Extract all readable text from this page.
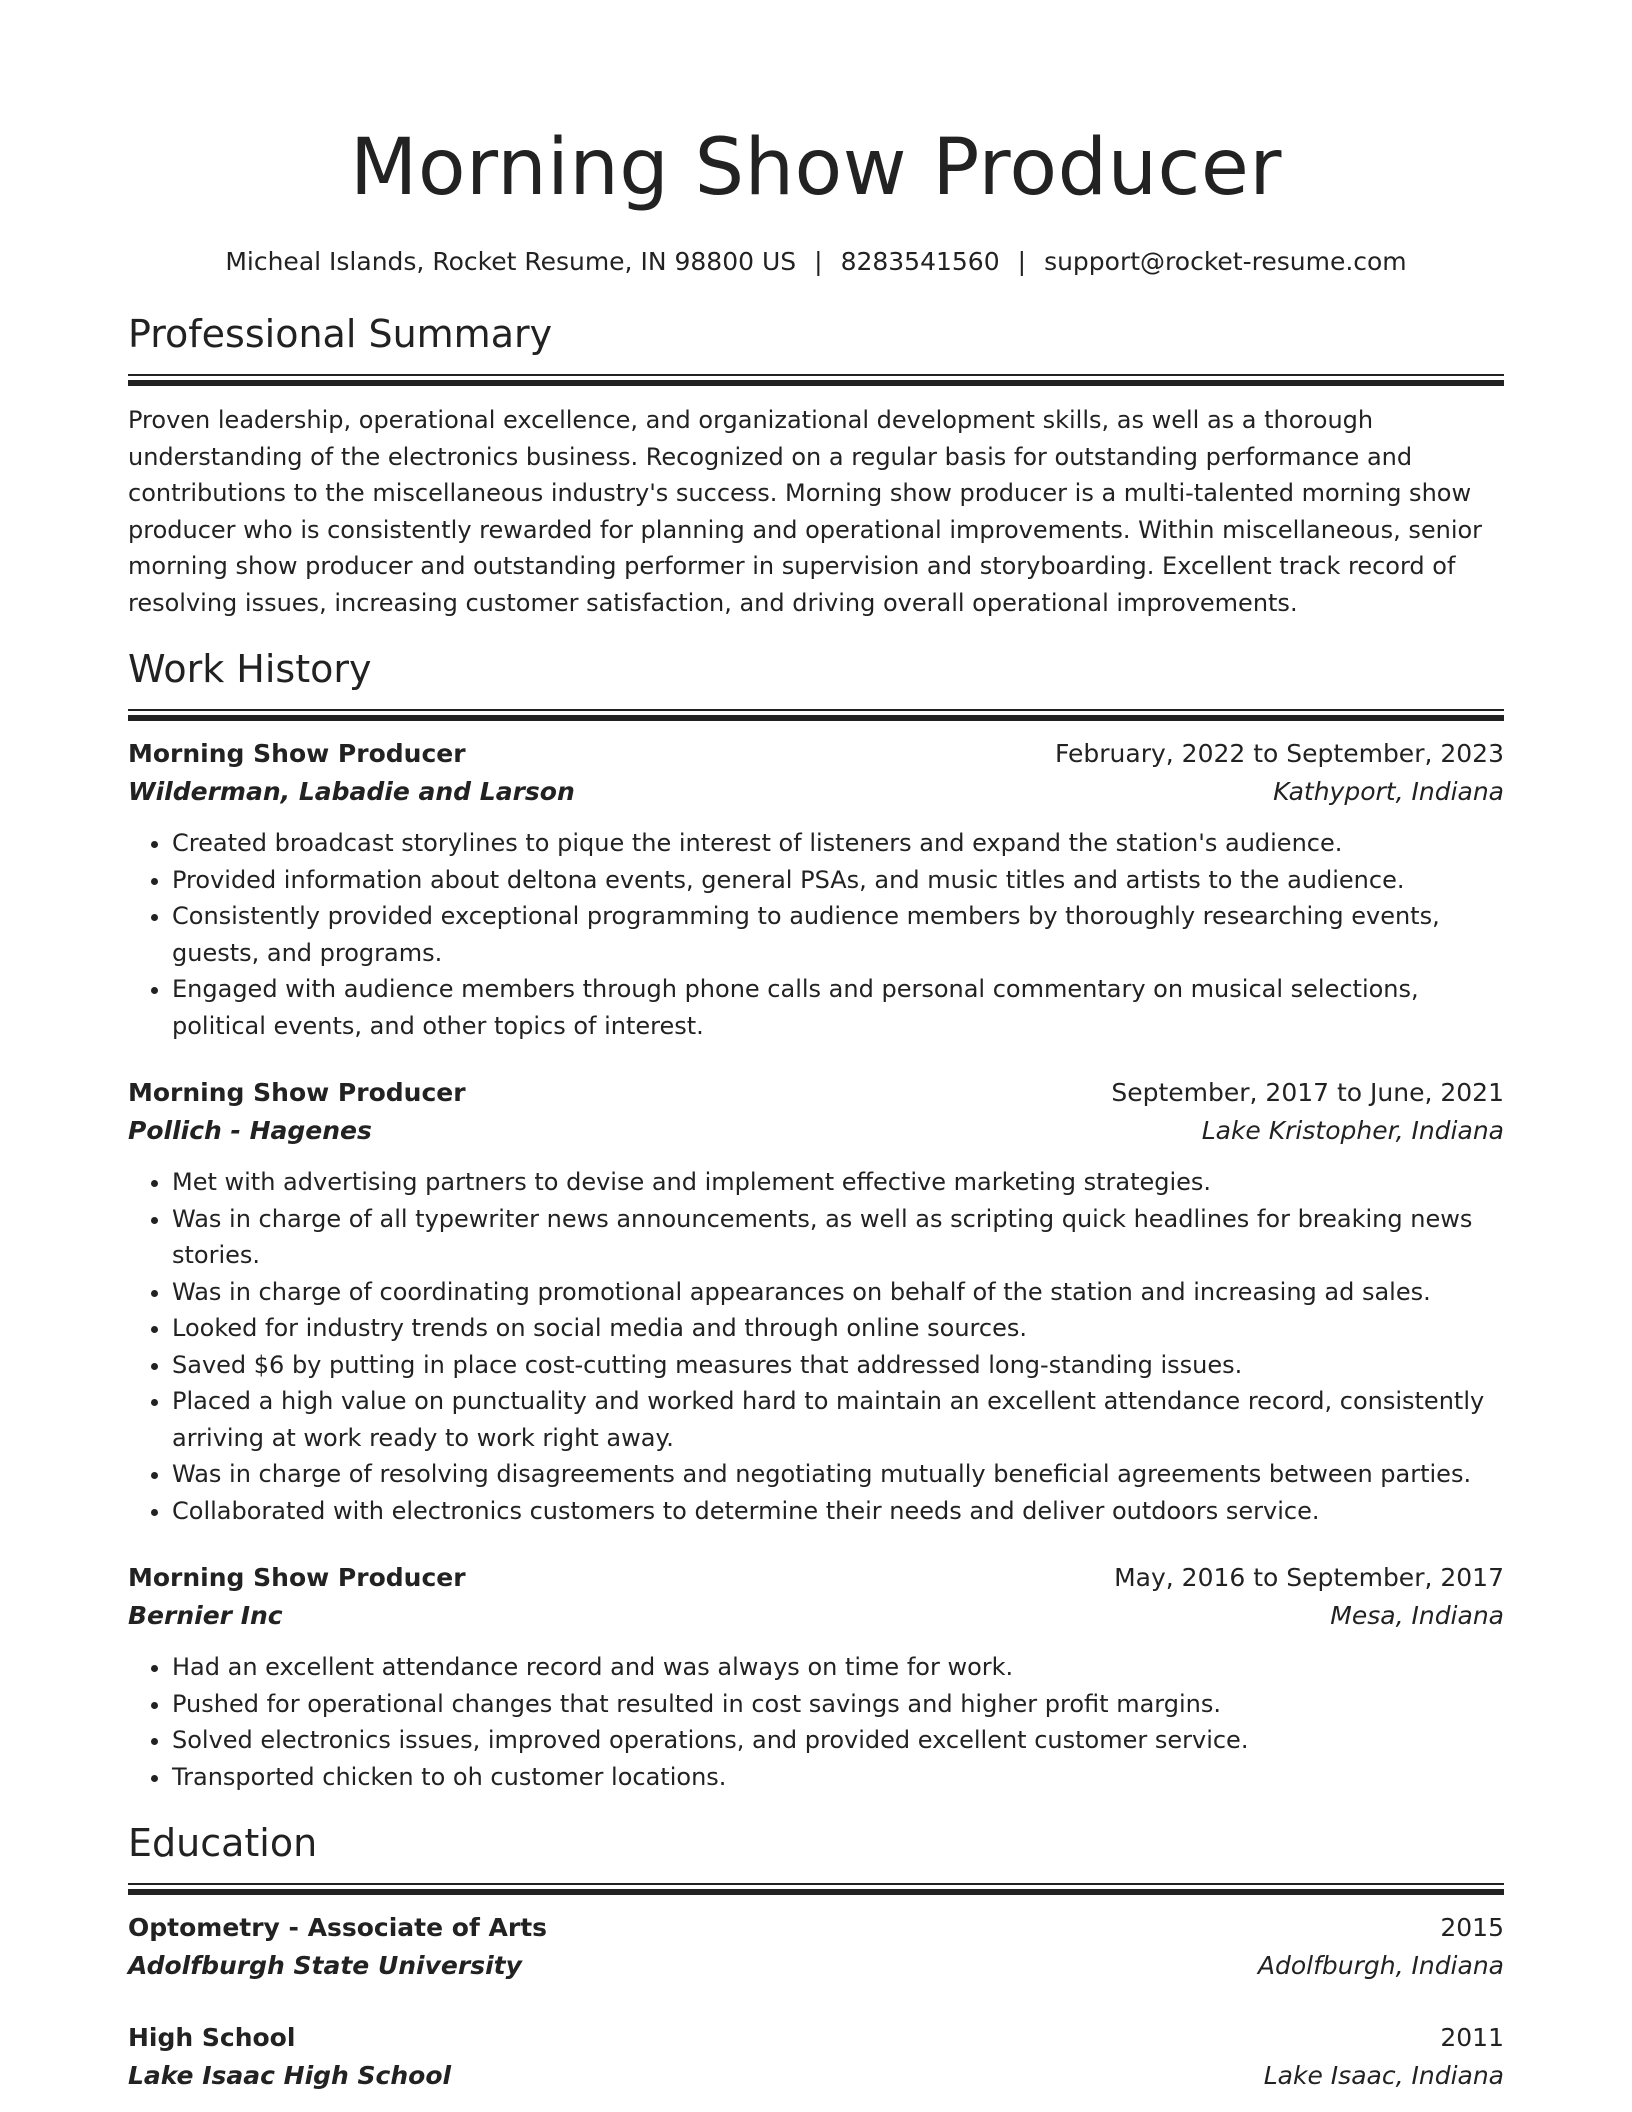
Morning Show Producer
Micheal Islands, Rocket Resume, IN 98800 US | 8283541560 | support@rocket-resume.com
Professional Summary
Proven leadership, operational excellence, and organizational development skills, as well as a thorough understanding of the electronics business. Recognized on a regular basis for outstanding performance and contributions to the miscellaneous industry's success. Morning show producer is a multi-talented morning show producer who is consistently rewarded for planning and operational improvements. Within miscellaneous, senior morning show producer and outstanding performer in supervision and storyboarding. Excellent track record of resolving issues, increasing customer satisfaction, and driving overall operational improvements.
Work History
Morning Show Producer	February, 2022 to September, 2023
Wilderman, Labadie and Larson	Kathyport, Indiana
• Created broadcast storylines to pique the interest of listeners and expand the station's audience.
• Provided information about deltona events, general PSAs, and music titles and artists to the audience.
• Consistently provided exceptional programming to audience members by thoroughly researching events, guests, and programs.
• Engaged with audience members through phone calls and personal commentary on musical selections, political events, and other topics of interest.
Morning Show Producer	September, 2017 to June, 2021
Pollich - Hagenes	Lake Kristopher, Indiana
• Met with advertising partners to devise and implement effective marketing strategies.
• Was in charge of all typewriter news announcements, as well as scripting quick headlines for breaking news stories.
• Was in charge of coordinating promotional appearances on behalf of the station and increasing ad sales.
• Looked for industry trends on social media and through online sources.
• Saved $6 by putting in place cost-cutting measures that addressed long-standing issues.
• Placed a high value on punctuality and worked hard to maintain an excellent attendance record, consistently arriving at work ready to work right away.
• Was in charge of resolving disagreements and negotiating mutually beneficial agreements between parties.
• Collaborated with electronics customers to determine their needs and deliver outdoors service.
Morning Show Producer	May, 2016 to September, 2017
Bernier Inc	Mesa, Indiana
• Had an excellent attendance record and was always on time for work.
• Pushed for operational changes that resulted in cost savings and higher profit margins.
• Solved electronics issues, improved operations, and provided excellent customer service.
• Transported chicken to oh customer locations.
Education
Optometry - Associate of Arts	2015
Adolfburgh State University	Adolfburgh, Indiana
High School	2011
Lake Isaac High School	Lake Isaac, Indiana
